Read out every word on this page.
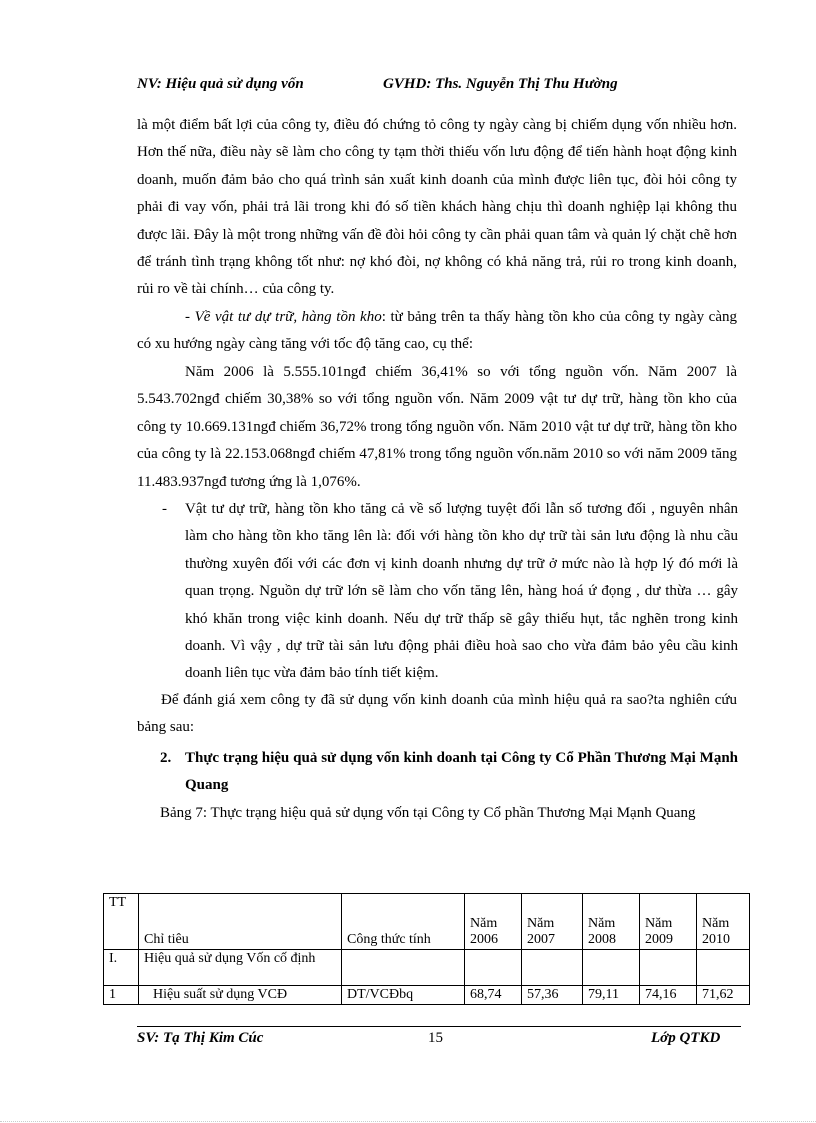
NV: Hiệu quả sử dụng vốn	GVHD: Ths. Nguyễn Thị Thu Hường
là một điểm bất lợi của công ty, điều đó chứng tỏ công ty ngày càng bị chiếm dụng vốn nhiều hơn. Hơn thế nữa, điều này sẽ làm cho công ty tạm thời thiếu vốn lưu động để tiến hành hoạt động kinh doanh, muốn đảm bảo cho quá trình sản xuất kinh doanh của mình được liên tục, đòi hỏi công ty phải đi vay vốn, phải trả lãi trong khi đó số tiền khách hàng chịu thì doanh nghiệp lại không thu được lãi. Đây là một trong những vấn đề đòi hỏi công ty cần phải quan tâm và quản lý chặt chẽ hơn để tránh tình trạng không tốt như: nợ khó đòi, nợ không có khả năng trả, rủi ro trong kinh doanh, rủi ro về tài chính… của công ty.
- Về vật tư dự trữ, hàng tồn kho: từ bảng trên ta thấy hàng tồn kho của công ty ngày càng có xu hướng ngày càng tăng với tốc độ tăng cao, cụ thể:
Năm 2006 là 5.555.101ngđ chiếm 36,41% so với tổng nguồn vốn. Năm 2007 là 5.543.702ngđ chiếm 30,38% so với tổng nguồn vốn. Năm 2009 vật tư dự trữ, hàng tồn kho của công ty 10.669.131ngđ chiếm 36,72% trong tổng nguồn vốn. Năm 2010 vật tư dự trữ, hàng tồn kho của công ty là 22.153.068ngđ chiếm 47,81% trong tổng nguồn vốn.năm 2010 so với năm 2009 tăng 11.483.937ngđ tương ứng là 1,076%.
- Vật tư dự trữ, hàng tồn kho tăng cả về số lượng tuyệt đối lẫn số tương đối , nguyên nhân làm cho hàng tồn kho tăng lên là: đối với hàng tồn kho dự trữ tài sản lưu động là nhu cầu thường xuyên đối với các đơn vị kinh doanh nhưng dự trữ ở mức nào là hợp lý đó mới là quan trọng. Nguồn dự trữ lớn sẽ làm cho vốn tăng lên, hàng hoá ứ đọng , dư thừa … gây khó khăn trong việc kinh doanh. Nếu dự trữ thấp sẽ gây thiếu hụt, tắc nghẽn trong kinh doanh. Vì vậy , dự trữ tài sản lưu động phải điều hoà sao cho vừa đảm bảo yêu cầu kinh doanh liên tục vừa đảm bảo tính tiết kiệm.
Để đánh giá xem công ty đã sử dụng vốn kinh doanh của mình hiệu quả ra sao?ta nghiên cứu bảng sau:
2. Thực trạng hiệu quả sử dụng vốn kinh doanh tại Công ty Cổ Phần Thương Mại Mạnh Quang
Bảng 7: Thực trạng hiệu quả sử dụng vốn tại Công ty Cổ phần Thương Mại Mạnh Quang
TT	Chỉ tiêu	Công thức tính	Năm 2006	Năm 2007	Năm 2008	Năm 2009	Năm 2010
I.	Hiệu quả sử dụng Vốn cố định						
1	Hiệu suất sử dụng VCĐ	DT/VCĐbq	68,74	57,36	79,11	74,16	71,62
SV: Tạ Thị Kim Cúc	15	Lớp QTKD
